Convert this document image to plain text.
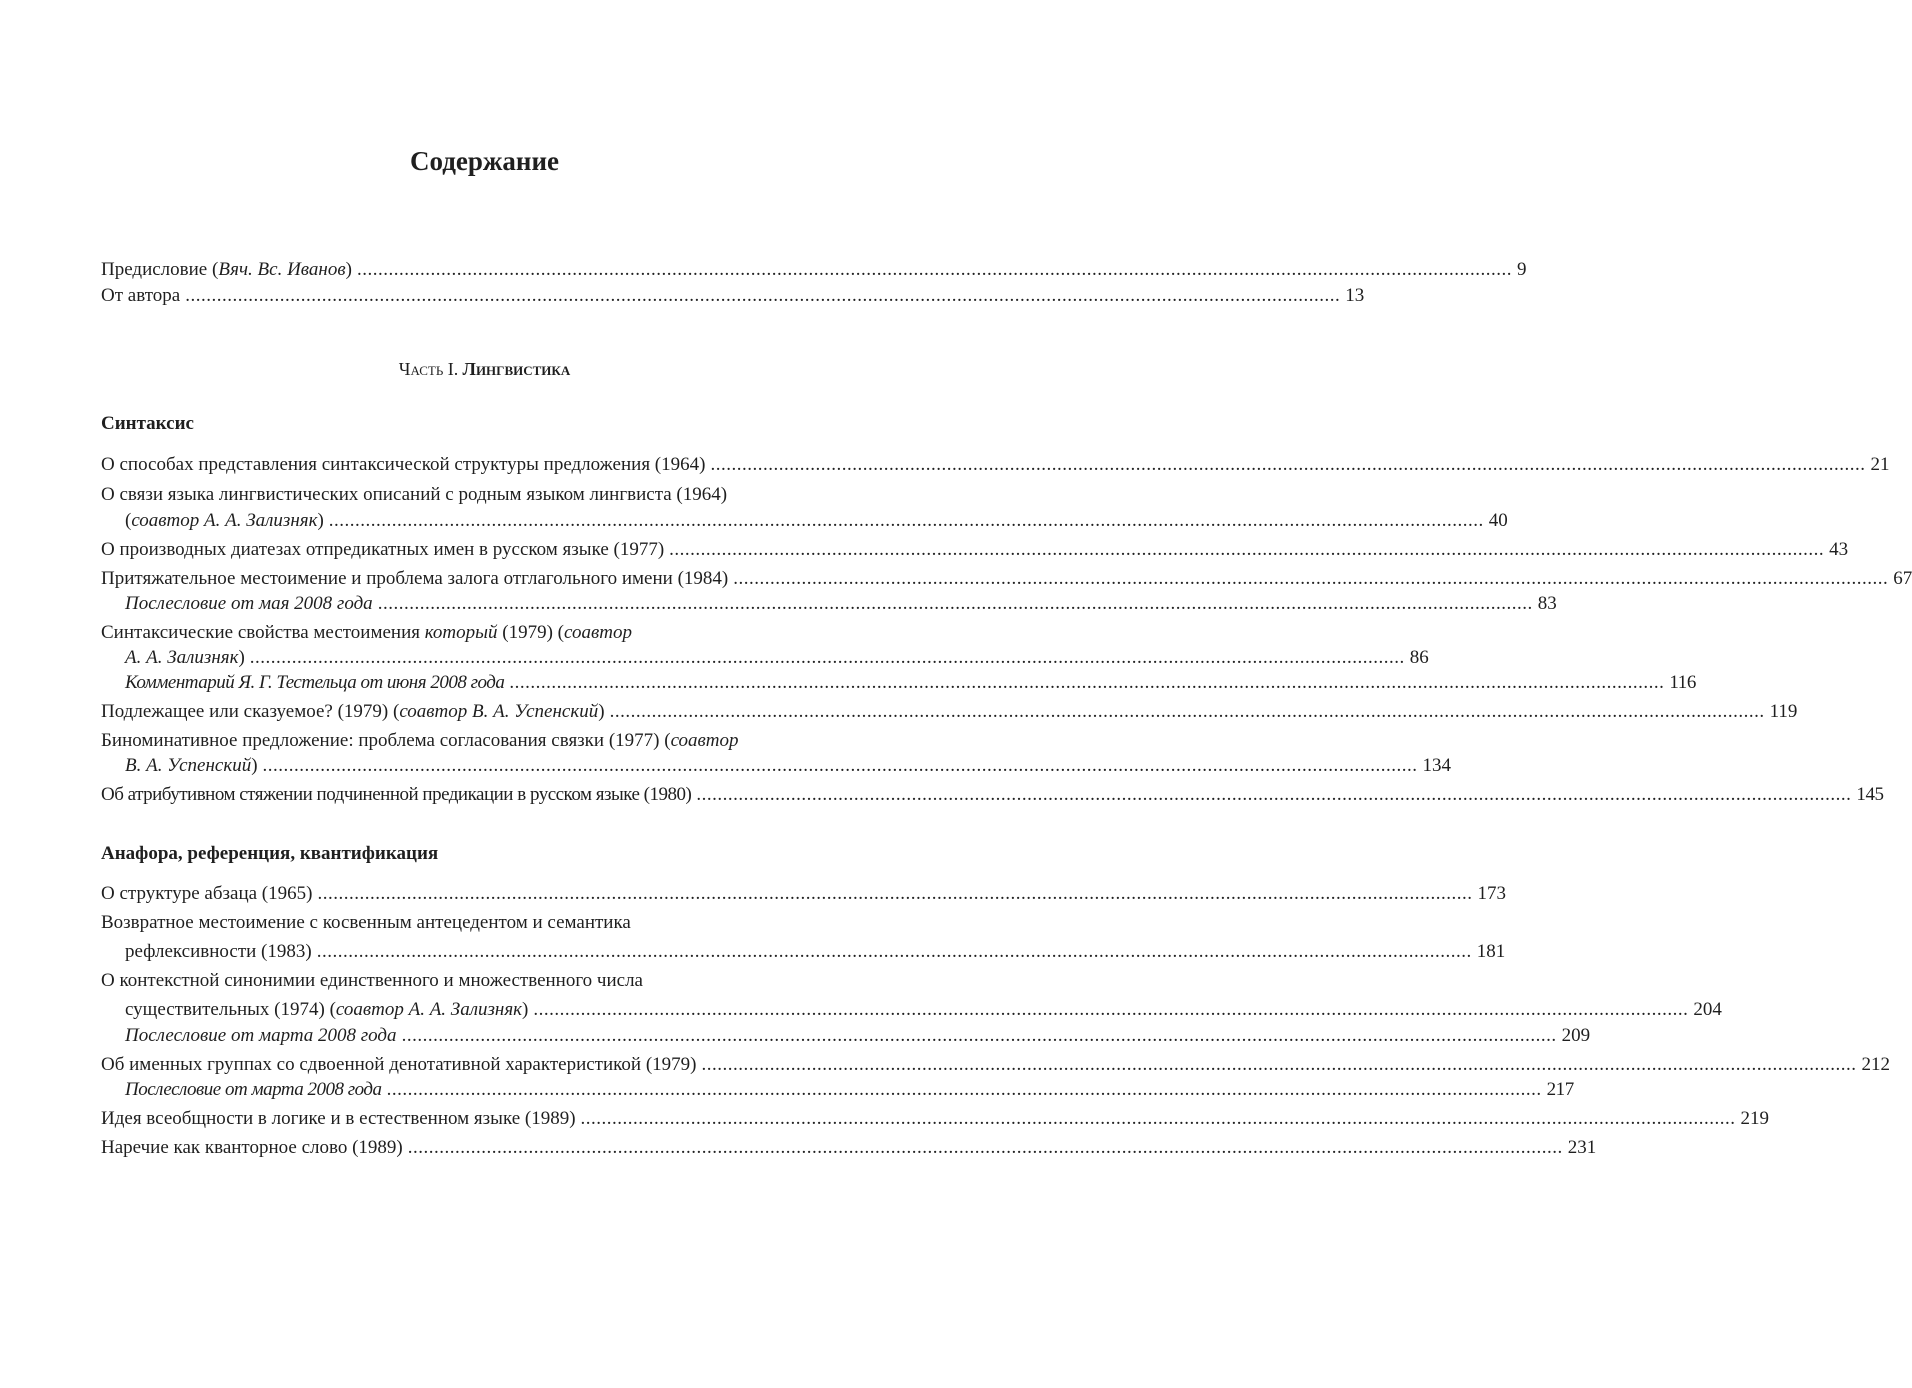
Содержание
Предисловие (Вяч. Вс. Иванов) ............................................................................................................................................................................................................................ 9
От автора ............................................................................................................................................................................................................................ 13
Часть I. Лингвистика
Синтаксис
О способах представления синтаксической структуры предложения (1964) ............................................................................................................................................................................................................................ 21
О связи языка лингвистических описаний с родным языком лингвиста (1964)
(соавтор А. А. Зализняк) ............................................................................................................................................................................................................................ 40
О производных диатезах отпредикатных имен в русском языке (1977) ............................................................................................................................................................................................................................ 43
Притяжательное местоимение и проблема залога отглагольного имени (1984) ............................................................................................................................................................................................................................ 67
Послесловие от мая 2008 года ............................................................................................................................................................................................................................ 83
Синтаксические свойства местоимения который (1979) (соавтор
А. А. Зализняк) ............................................................................................................................................................................................................................ 86
Комментарий Я. Г. Тестельца от июня 2008 года ............................................................................................................................................................................................................................ 116
Подлежащее или сказуемое? (1979) (соавтор В. А. Успенский) ............................................................................................................................................................................................................................ 119
Биноминативное предложение: проблема согласования связки (1977) (соавтор
В. А. Успенский) ............................................................................................................................................................................................................................ 134
Об атрибутивном стяжении подчиненной предикации в русском языке (1980) ............................................................................................................................................................................................................................ 145
Анафора, референция, квантификация
О структуре абзаца (1965) ............................................................................................................................................................................................................................ 173
Возвратное местоимение с косвенным антецедентом и семантика
рефлексивности (1983) ............................................................................................................................................................................................................................ 181
О контекстной синонимии единственного и множественного числа
существительных (1974) (соавтор А. А. Зализняк) ............................................................................................................................................................................................................................ 204
Послесловие от марта 2008 года ............................................................................................................................................................................................................................ 209
Об именных группах со сдвоенной денотативной характеристикой (1979) ............................................................................................................................................................................................................................ 212
Послесловие от марта 2008 года ............................................................................................................................................................................................................................ 217
Идея всеобщности в логике и в естественном языке (1989) ............................................................................................................................................................................................................................ 219
Наречие как кванторное слово (1989) ............................................................................................................................................................................................................................ 231
